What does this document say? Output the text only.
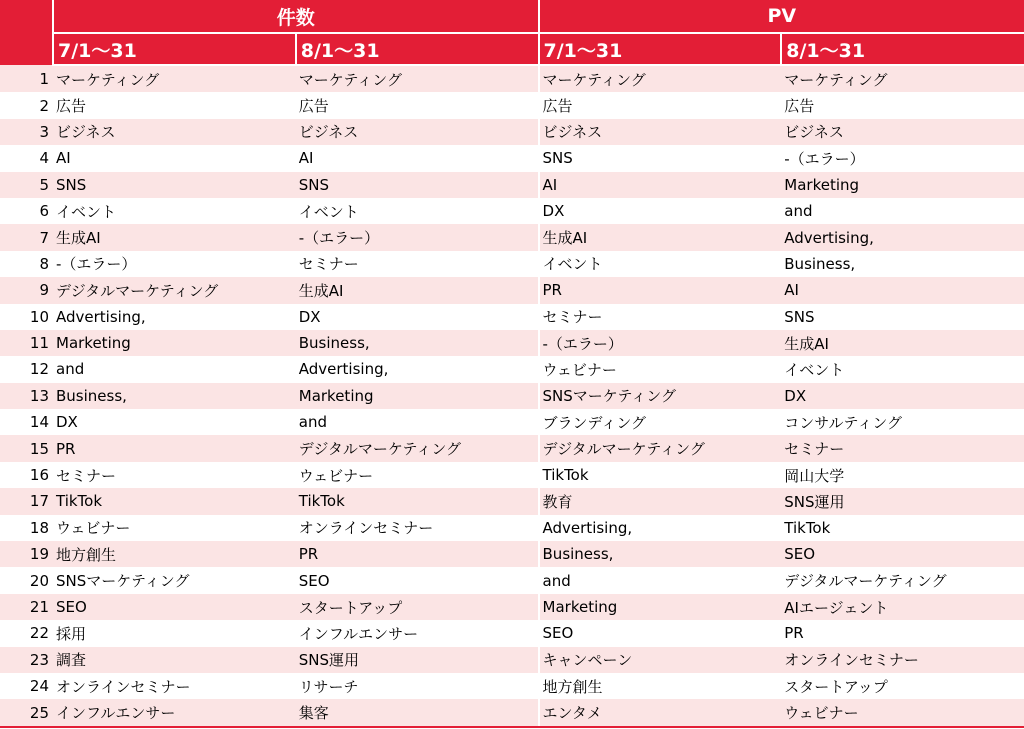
	件数		PV	
	7/1～31	8/1～31	7/1～31	8/1～31
1	マーケティング	マーケティング	マーケティング	マーケティング
2	広告	広告	広告	広告
3	ビジネス	ビジネス	ビジネス	ビジネス
4	AI	AI	SNS	-（エラー）
5	SNS	SNS	AI	Marketing
6	イベント	イベント	DX	and
7	生成AI	-（エラー）	生成AI	Advertising,
8	-（エラー）	セミナー	イベント	Business,
9	デジタルマーケティング	生成AI	PR	AI
10	Advertising,	DX	セミナー	SNS
11	Marketing	Business,	-（エラー）	生成AI
12	and	Advertising,	ウェビナー	イベント
13	Business,	Marketing	SNSマーケティング	DX
14	DX	and	ブランディング	コンサルティング
15	PR	デジタルマーケティング	デジタルマーケティング	セミナー
16	セミナー	ウェビナー	TikTok	岡山大学
17	TikTok	TikTok	教育	SNS運用
18	ウェビナー	オンラインセミナー	Advertising,	TikTok
19	地方創生	PR	Business,	SEO
20	SNSマーケティング	SEO	and	デジタルマーケティング
21	SEO	スタートアップ	Marketing	AIエージェント
22	採用	インフルエンサー	SEO	PR
23	調査	SNS運用	キャンペーン	オンラインセミナー
24	オンラインセミナー	リサーチ	地方創生	スタートアップ
25	インフルエンサー	集客	エンタメ	ウェビナー
